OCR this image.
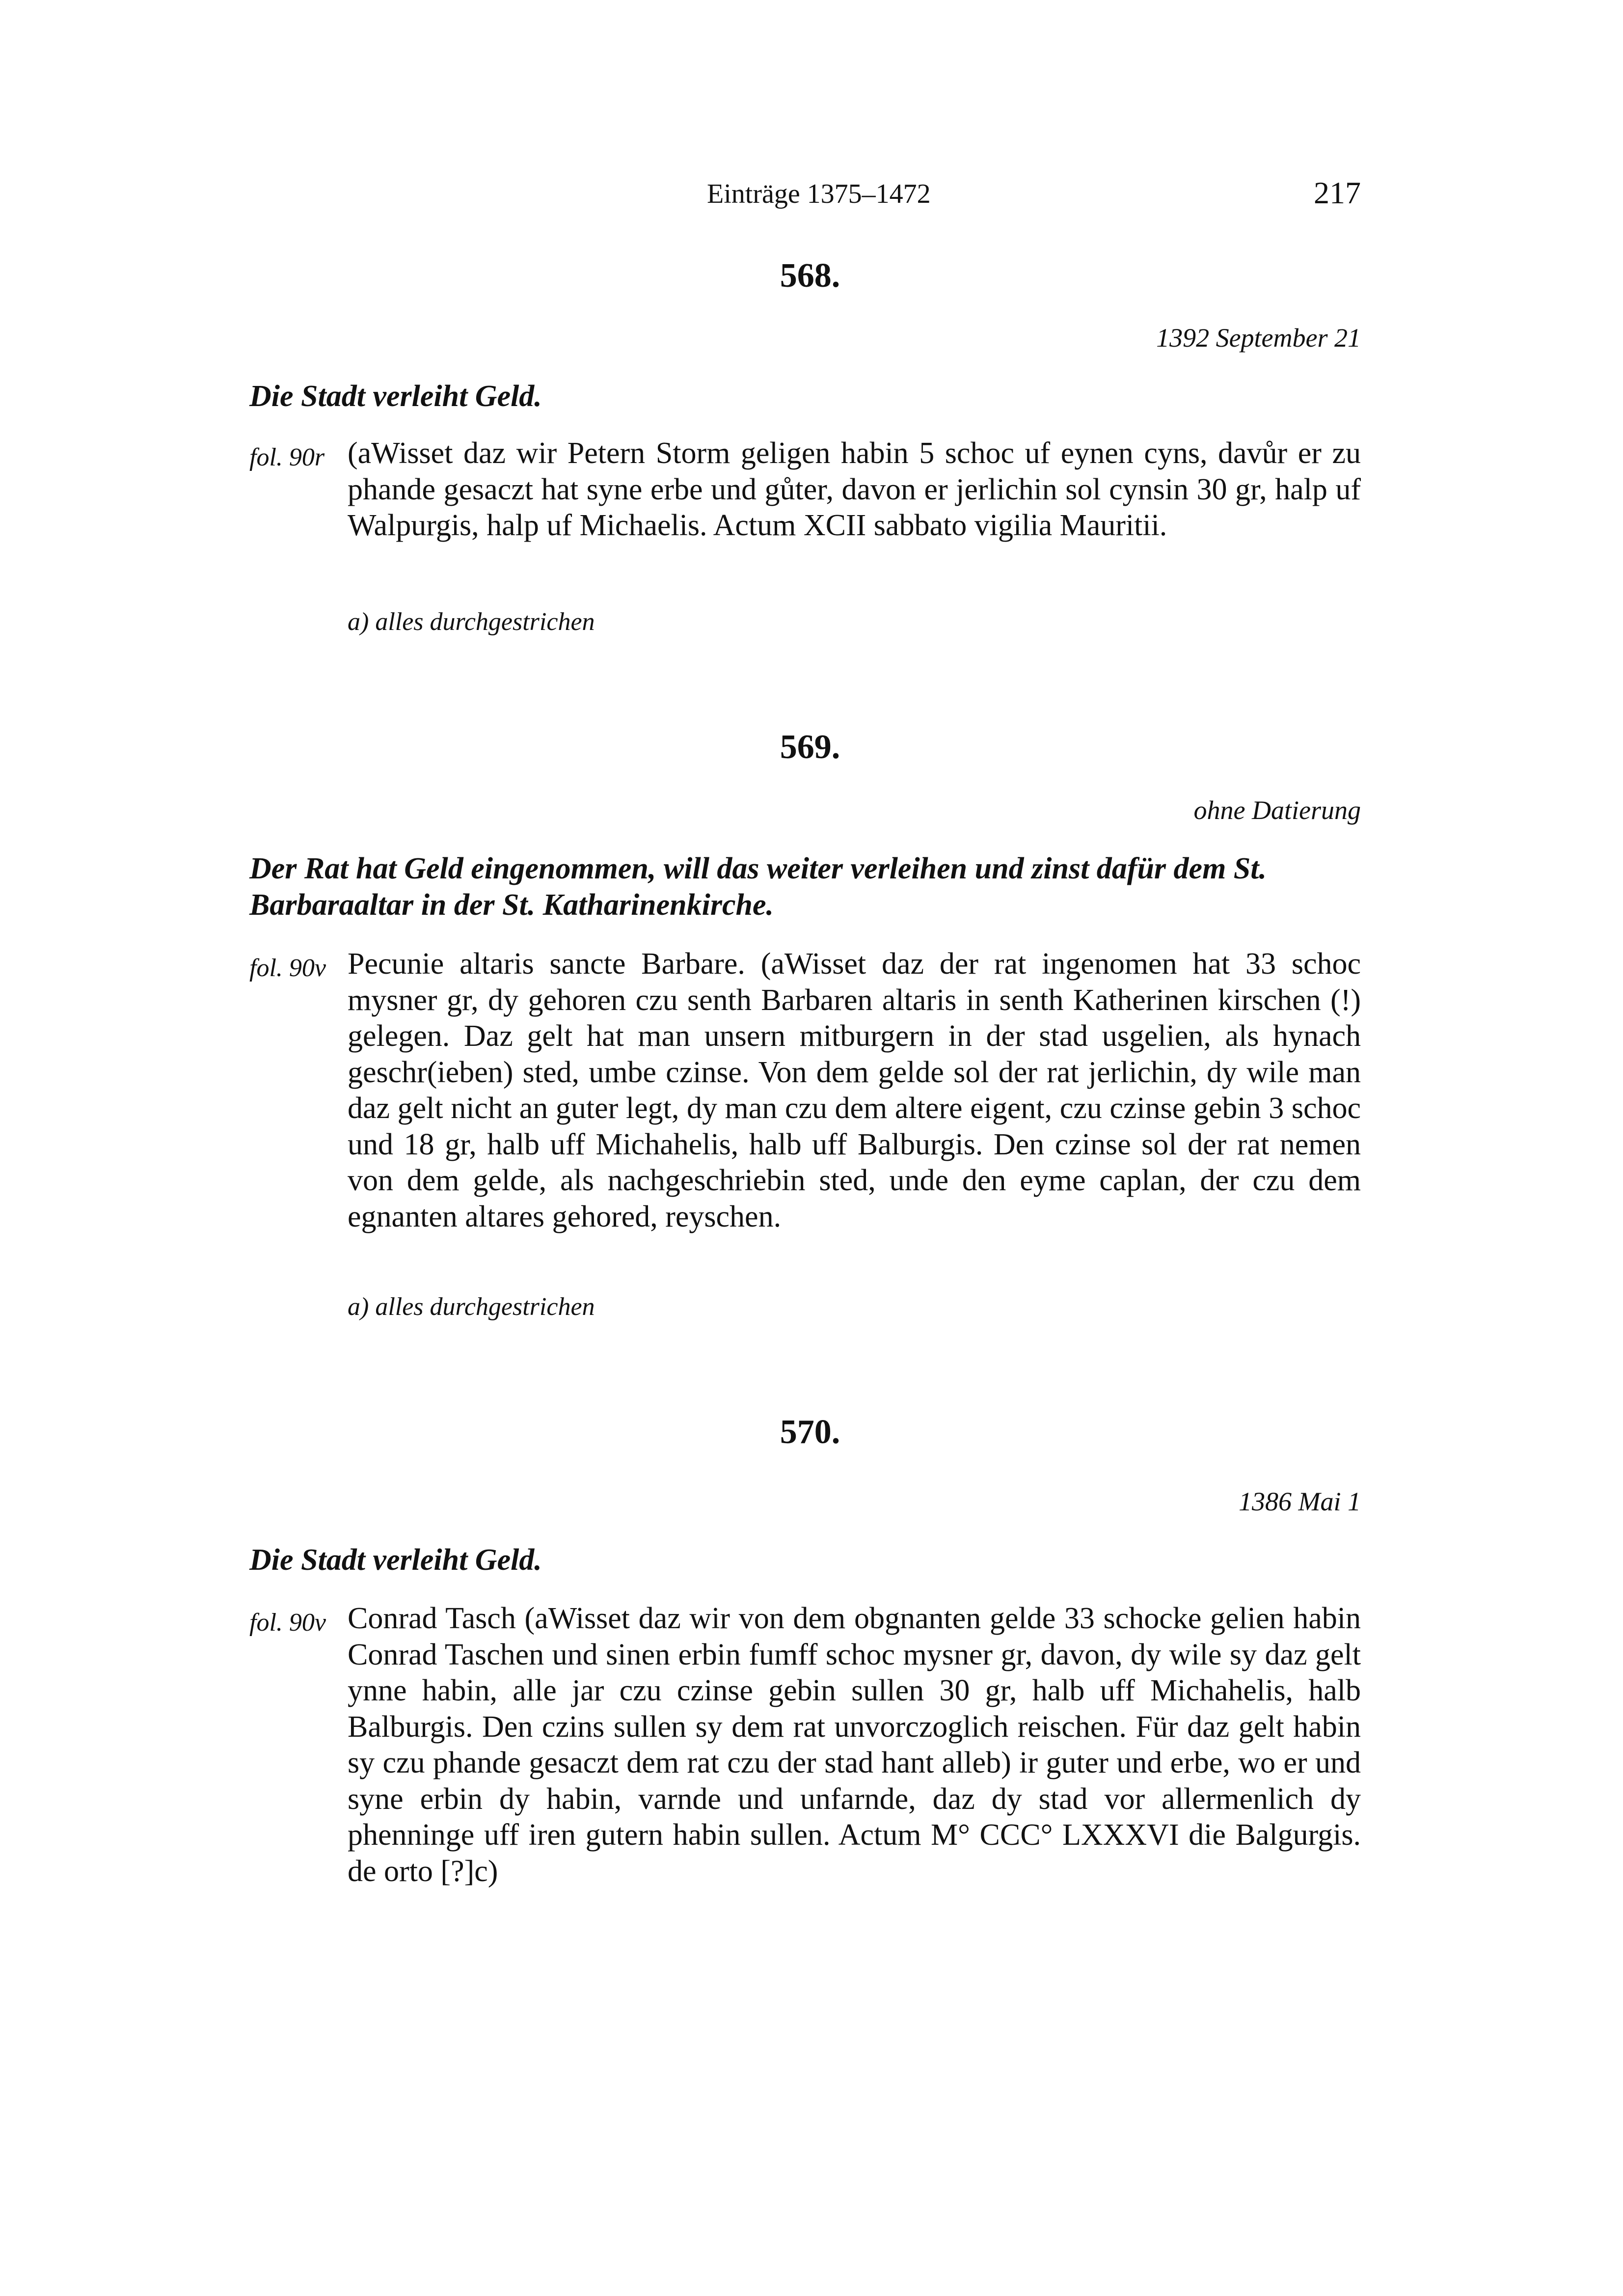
Einträge 1375–1472	217
568.
1392 September 21
Die Stadt verleiht Geld.
fol. 90r (aWisset daz wir Petern Storm geligen habin 5 schoc uf eynen cyns, davůr er zu phande gesaczt hat syne erbe und gůter, davon er jerlichin sol cynsin 30 gr, halp uf Walpurgis, halp uf Michaelis. Actum XCII sabbato vigilia Mauritii.
a) alles durchgestrichen
569.
ohne Datierung
Der Rat hat Geld eingenommen, will das weiter verleihen und zinst dafür dem St. Barbaraaltar in der St. Katharinenkirche.
fol. 90v Pecunie altaris sancte Barbare. (aWisset daz der rat ingenomen hat 33 schoc mysner gr, dy gehoren czu senth Barbaren altaris in senth Katherinen kirschen (!) gelegen. Daz gelt hat man unsern mitburgern in der stad usgelien, als hynach geschr(ieben) sted, umbe czinse. Von dem gelde sol der rat jerlichin, dy wile man daz gelt nicht an guter legt, dy man czu dem altere eigent, czu czinse gebin 3 schoc und 18 gr, halb uff Michahelis, halb uff Balburgis. Den czinse sol der rat nemen von dem gelde, als nachgeschriebin sted, unde den eyme caplan, der czu dem egnanten altares gehored, reyschen.
a) alles durchgestrichen
570.
1386 Mai 1
Die Stadt verleiht Geld.
fol. 90v Conrad Tasch (aWisset daz wir von dem obgnanten gelde 33 schocke gelien habin Conrad Taschen und sinen erbin fumff schoc mysner gr, davon, dy wile sy daz gelt ynne habin, alle jar czu czinse gebin sullen 30 gr, halb uff Michahelis, halb Balburgis. Den czins sullen sy dem rat unvorczoglich reischen. Für daz gelt habin sy czu phande gesaczt dem rat czu der stad hant alleb) ir guter und erbe, wo er und syne erbin dy habin, varnde und unfarnde, daz dy stad vor allermenlich dy phenninge uff iren gutern habin sullen. Actum M° CCC° LXXXVI die Balgurgis. de orto [?]c)
